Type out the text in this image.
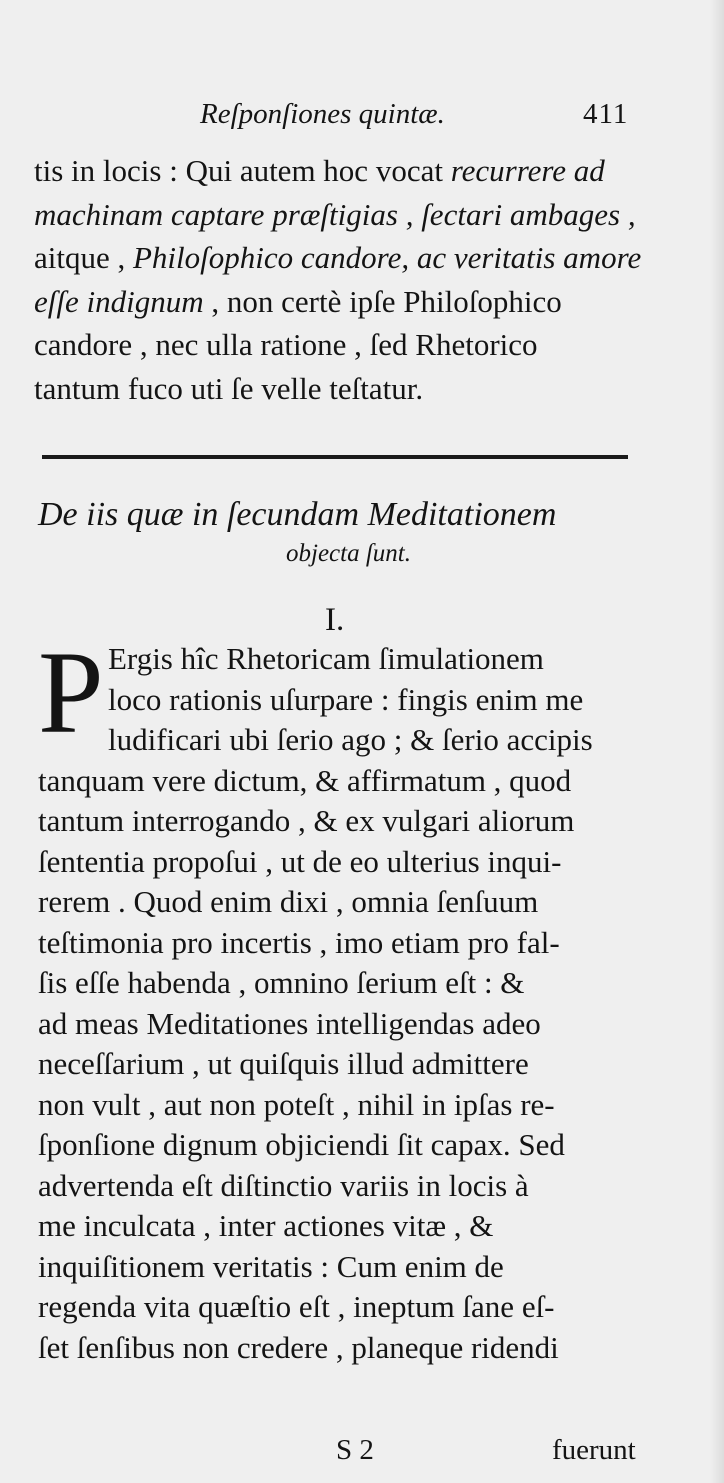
Reſponſiones quintæ.	411
tis in locis : Qui autem hoc vocat recurrere ad
machinam captare præſtigias , ſectari ambages ,
aitque , Philoſophico candore, ac veritatis amore
eſſe indignum , non certè ipſe Philoſophico
candore , nec ulla ratione , ſed Rhetorico
tantum fuco uti ſe velle teſtatur.
De iis quæ in ſecundam Meditationem
objecta ſunt.
I.
P Ergis hîc Rhetoricam ſimulationem
loco rationis uſurpare : fingis enim me
ludificari ubi ſerio ago ; & ſerio accipis
tanquam vere dictum, & affirmatum , quod
tantum interrogando , & ex vulgari aliorum
ſententia propoſui , ut de eo ulterius inqui-
rerem . Quod enim dixi , omnia ſenſuum
teſtimonia pro incertis , imo etiam pro fal-
ſis eſſe habenda , omnino ſerium eſt : &
ad meas Meditationes intelligendas adeo
neceſſarium , ut quiſquis illud admittere
non vult , aut non poteſt , nihil in ipſas re-
ſponſione dignum objiciendi ſit capax. Sed
advertenda eſt diſtinctio variis in locis à
me inculcata , inter actiones vitæ , &
inquiſitionem veritatis : Cum enim de
regenda vita quæſtio eſt , ineptum ſane eſ-
ſet ſenſibus non credere , planeque ridendi
S 2	fuerunt
